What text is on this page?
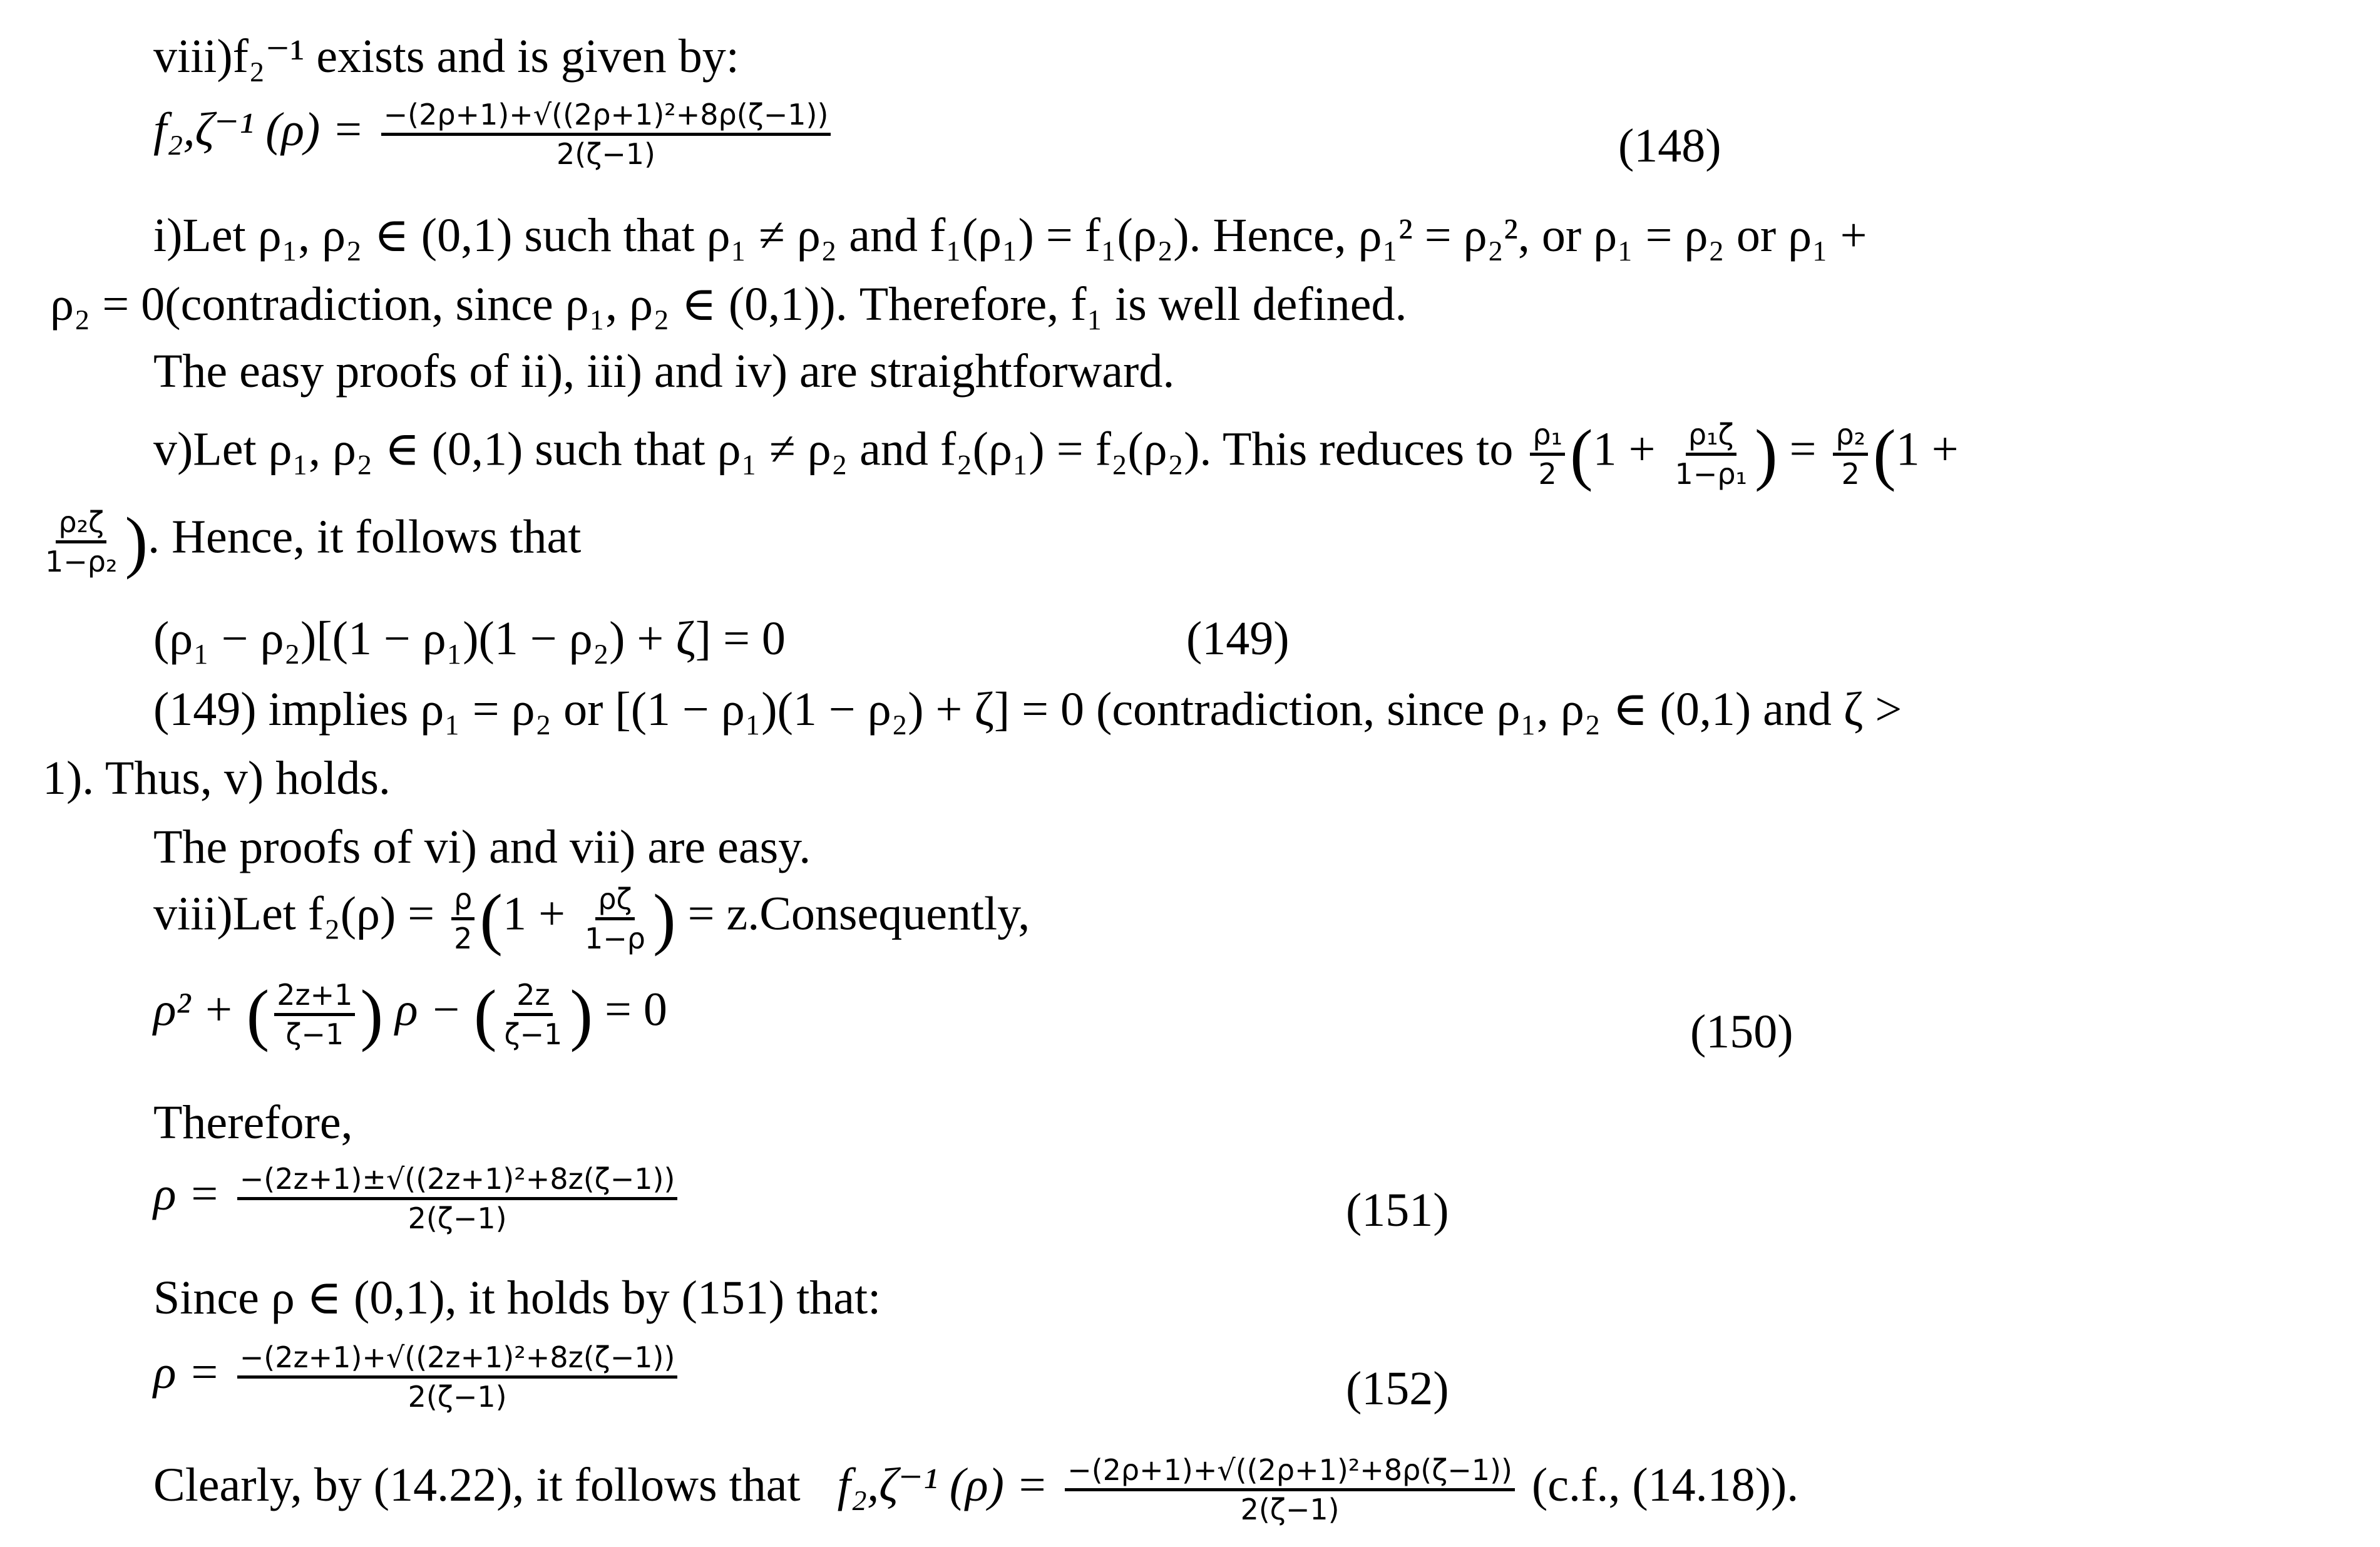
viii)f₂⁻¹ exists and is given by:
f₂,ζ⁻¹ $(\rho) = \frac{\text{−(2ρ+1)+√((2ρ+1)²+8ρ(ζ−1))}}{2(\zeta-1)}$	(148)
i)Let ρ₁, ρ₂ ∈ (0,1) such that ρ₁ ≠ ρ₂ and f₁(ρ₁) = f₁(ρ₂). Hence, ρ₁² = ρ₂², or ρ₁ = ρ₂ or ρ₁ +
ρ₂ = 0(contradiction, since ρ₁, ρ₂ ∈ (0,1)). Therefore, f₁ is well defined.
The easy proofs of ii), iii) and iv) are straightforward.
v)Let ρ₁, ρ₂ ∈ (0,1) such that ρ₁ ≠ ρ₂ and f₂(ρ₁) = f₂(ρ₂). This reduces to $\frac{\text{ρ₁}}{2} (1 + \frac{\text{ρ₁ζ}}{\text{1−ρ₁}}$ ) = $\frac{\text{ρ₂}}{2} (1$ +
$\frac{\text{ρ₂ζ}}{\text{1−ρ₂}}$ ). Hence, it follows that
(ρ₁ − ρ₂)[(1 − ρ₁)(1 − ρ₂) + ζ] = 0	(149)
(149) implies ρ₁ = ρ₂ or [(1 − ρ₁)(1 − ρ₂) + ζ] = 0 (contradiction, since ρ₁, ρ₂ ∈ (0,1) and ζ >
1). Thus, v) holds.
The proofs of vi) and vii) are easy.
viii)Let $f_2(\rho) = \frac{\rho}{2} (1 + \frac{\rho\zeta}{1-\rho}$ ) = z.Consequently,
ρ² + ( $\frac{2z+1}{\zeta-1}$ ) ρ − ( $\frac{2z}{\zeta-1}$ ) = 0	(150)
Therefore,
$\rho = \frac{\text{−(2z+1)±√((2z+1)²+8z(ζ−1))}}{2(\zeta-1)}$	(151)
Since ρ ∈ (0,1), it holds by (151) that:
$\rho = \frac{\text{−(2z+1)+√((2z+1)²+8z(ζ−1))}}{2(\zeta-1)}$	(152)
Clearly, by (14.22), it follows that f₂,ζ⁻¹ $(\rho) = \frac{\text{−(2ρ+1)+√((2ρ+1)²+8ρ(ζ−1))}}{2(\zeta-1)} (c.f$., (14.18)).
